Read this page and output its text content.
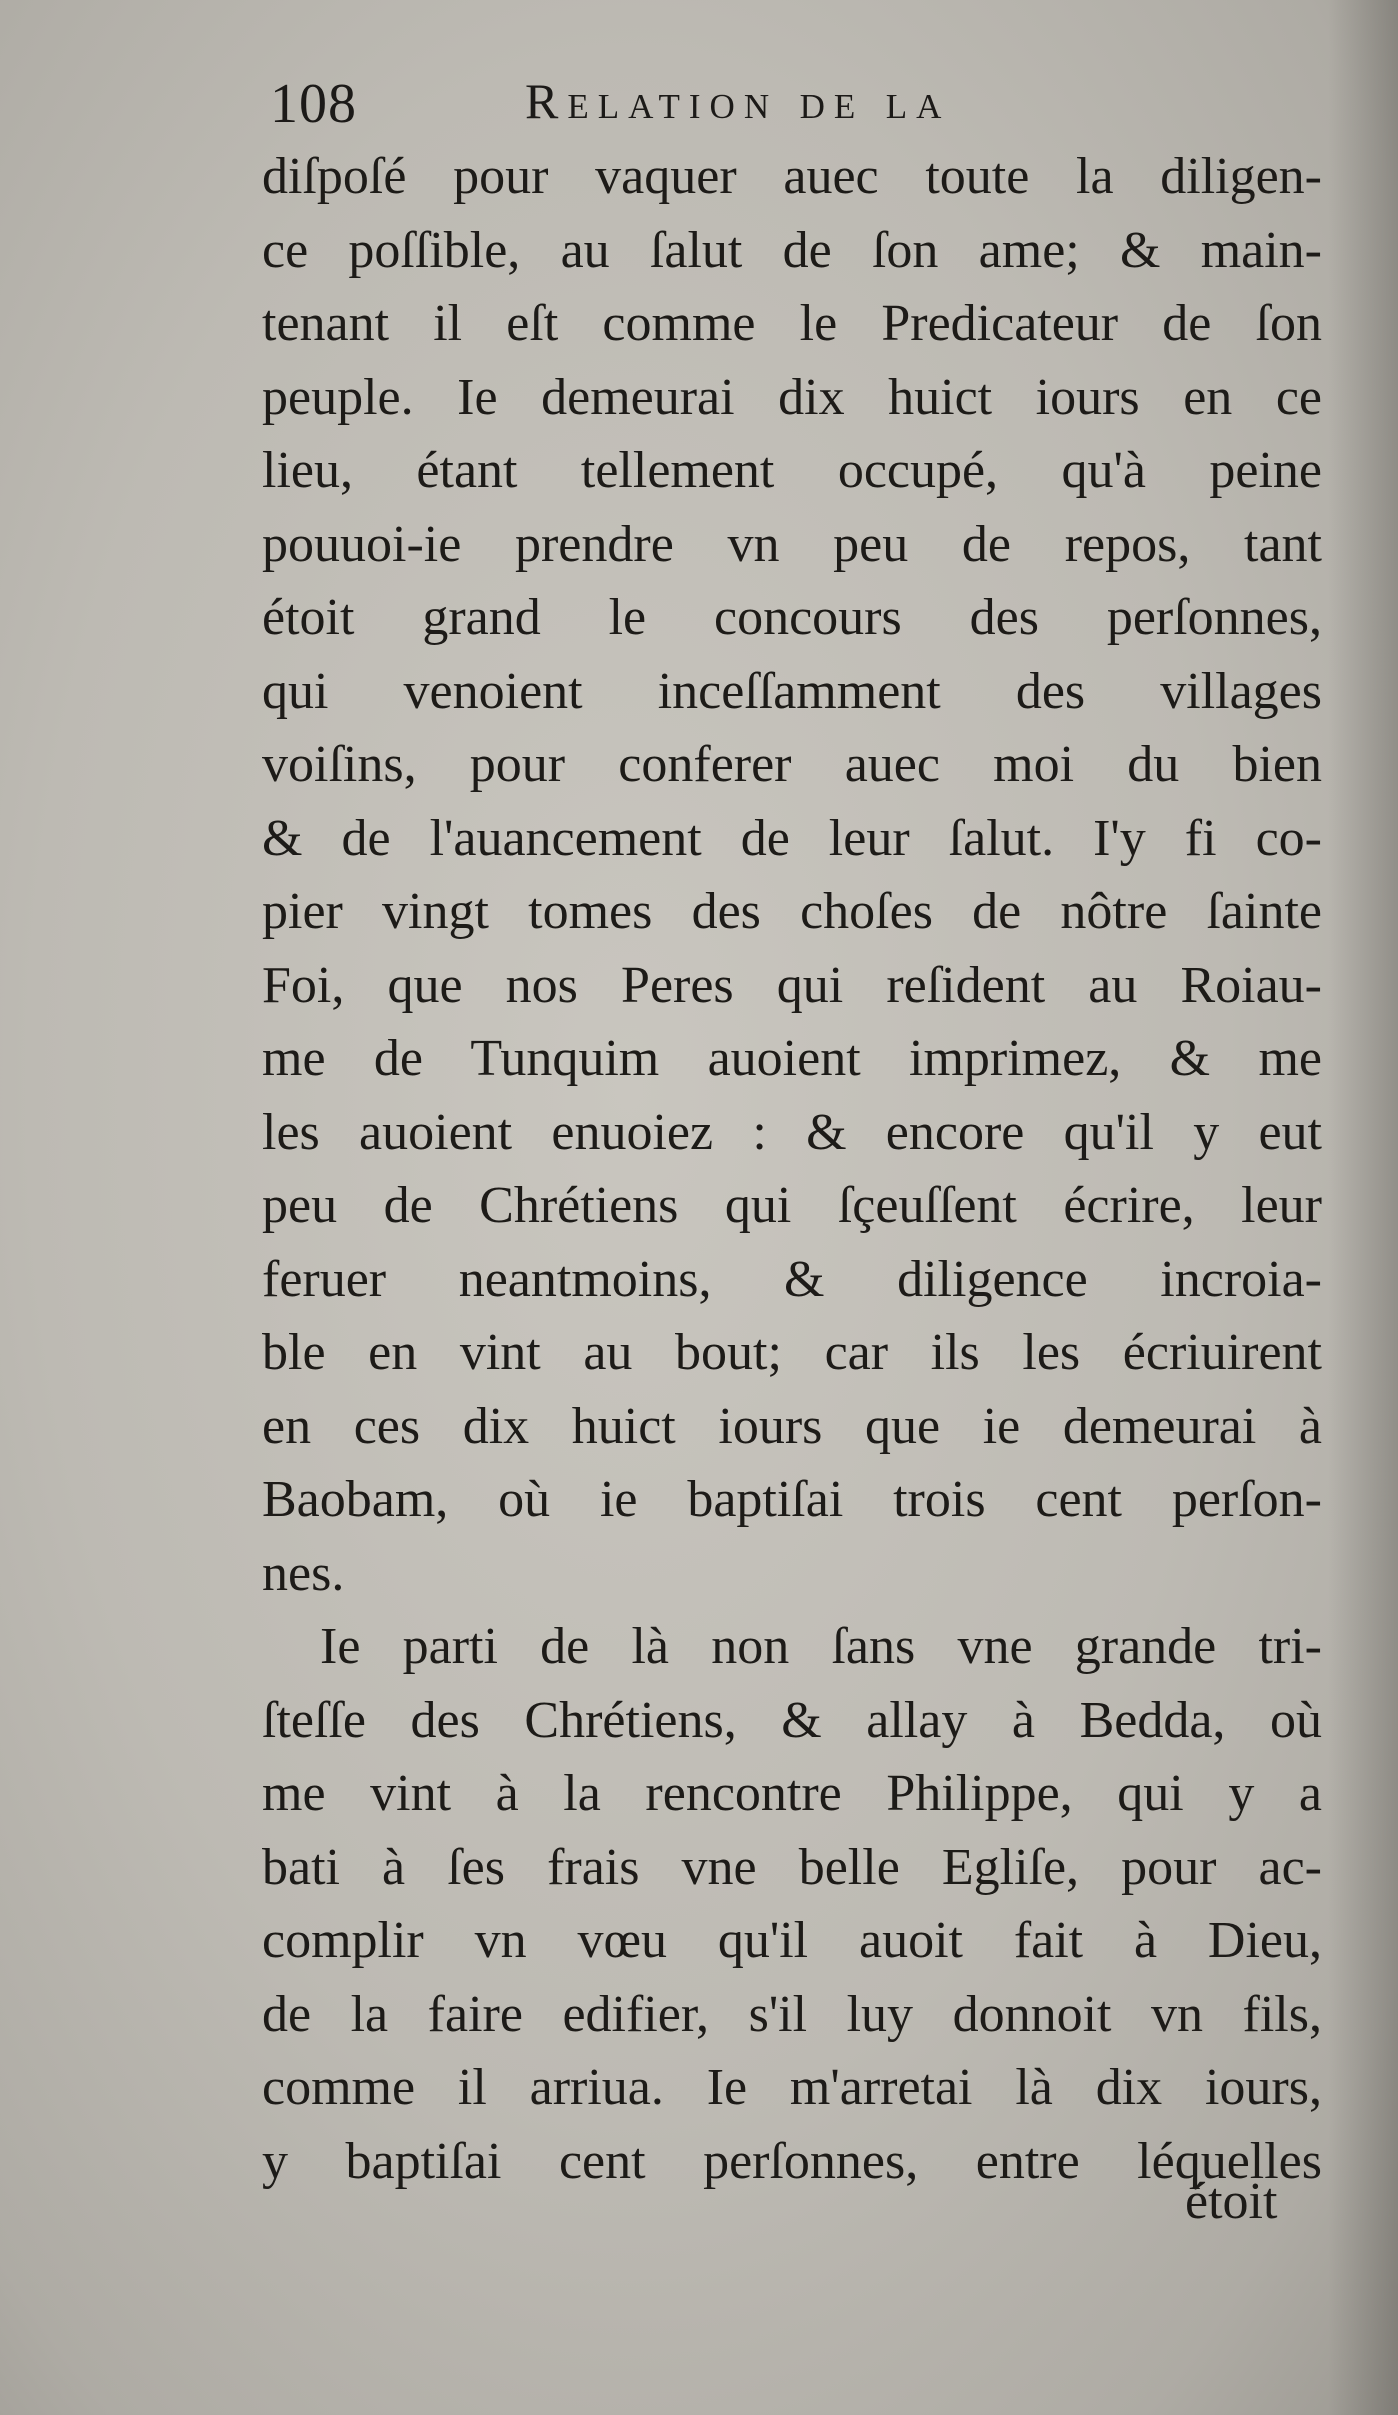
108	Relation de la
diſpoſé pour vaquer auec toute la diligen-
ce poſſible, au ſalut de ſon ame; & main-
tenant il eſt comme le Predicateur de ſon
peuple. Ie demeurai dix huict iours en ce
lieu, étant tellement occupé, qu'à peine
pouuoi-ie prendre vn peu de repos, tant
étoit grand le concours des perſonnes,
qui venoient inceſſamment des villages
voiſins, pour conferer auec moi du bien
& de l'auancement de leur ſalut. I'y fi co-
pier vingt tomes des choſes de nôtre ſainte
Foi, que nos Peres qui reſident au Roiau-
me de Tunquim auoient imprimez, & me
les auoient enuoiez : & encore qu'il y eut
peu de Chrétiens qui ſçeuſſent écrire, leur
feruer neantmoins, & diligence incroia-
ble en vint au bout; car ils les écriuirent
en ces dix huict iours que ie demeurai à
Baobam, où ie baptiſai trois cent perſon-
nes.
Ie parti de là non ſans vne grande tri-
ſteſſe des Chrétiens, & allay à Bedda, où
me vint à la rencontre Philippe, qui y a
bati à ſes frais vne belle Egliſe, pour ac-
complir vn vœu qu'il auoit fait à Dieu,
de la faire edifier, s'il luy donnoit vn fils,
comme il arriua. Ie m'arretai là dix iours,
y baptiſai cent perſonnes, entre léquelles
étoit
